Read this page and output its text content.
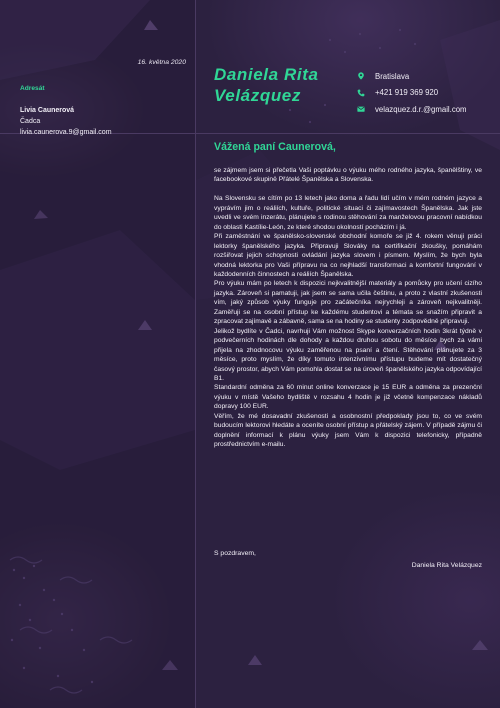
16. května 2020
Adresát
Livia Caunerová
Čadca
livia.caunerova.9@gmail.com
Daniela Rita Velázquez
Bratislava
+421 919 369 920
velazquez.d.r.@gmail.com
Vážená paní Caunerová,

se zájmem jsem si přečetla Vaši poptávku o výuku mého rodného jazyka, španělštiny, ve facebookové skupině Přátelé Španělska a Slovenska.

Na Slovensku se cítím po 13 letech jako doma a řadu lidí učím v mém rodném jazyce a vyprávím jim o reáliích, kultuře, politické situaci či zajímavostech Španělska. Jak jste uvedli ve svém inzerátu, plánujete s rodinou stěhování za manželovou pracovní nabídkou do oblasti Kastílie-León, ze které shodou okolností pocházím i já.

Při zaměstnání ve španělsko-slovenské obchodní komoře se již 4. rokem věnuji práci lektorky španělského jazyka. Připravuji Slováky na certifikační zkoušky, pomáhám rozšiřovat jejich schopnosti ovládání jazyka slovem i písmem. Myslím, že bych byla vhodná lektorka pro Vaši přípravu na co nejhladší transformaci a komfortní fungování v každodenních činnostech a reáliích Španělska.

Pro výuku mám po letech k dispozici nejkvalitnější materiály a pomůcky pro učení cizího jazyka. Zároveň si pamatuji, jak jsem se sama učila češtinu, a proto z vlastní zkušenosti vím, jaký způsob výuky funguje pro začátečníka nejrychleji a zároveň nejkvalitněji. Zaměřuji se na osobní přístup ke každému studentovi a témata se snažím připravit a zpracovat zajímavě a zábavně, sama se na hodiny se studenty zodpovědně připravuji.

Jelikož bydlíte v Čadci, navrhuji Vám možnost Skype konverzačních hodin 3krát týdně v podvečerních hodinách dle dohody a každou druhou sobotu do měsíce bych za vámi přijela na zhodnocovu výuku zaměřenou na psaní a čtení. Stěhování plánujete za 3 měsíce, proto myslím, že díky tomuto intenzivnímu přístupu budeme mít dostatečný časový prostor, abych Vám pomohla dostat se na úroveň španělského jazyka odpovídající B1.

Standardní odměna za 60 minut online konverzace je 15 EUR a odměna za prezenční výuku v místě Vašeho bydliště v rozsahu 4 hodin je již včetně kompenzace nákladů dopravy 100 EUR.

Věřím, že mé dosavadní zkušenosti a osobnostní předpoklady jsou to, co ve svém budoucím lektorovi hledáte a oceníte osobní přístup a přátelský zájem. V případě zájmu či doplnění informací k plánu výuky jsem Vám k dispozici telefonicky, případně prostřednictvím e-mailu.

S pozdravem,
Daniela Rita Velázquez
